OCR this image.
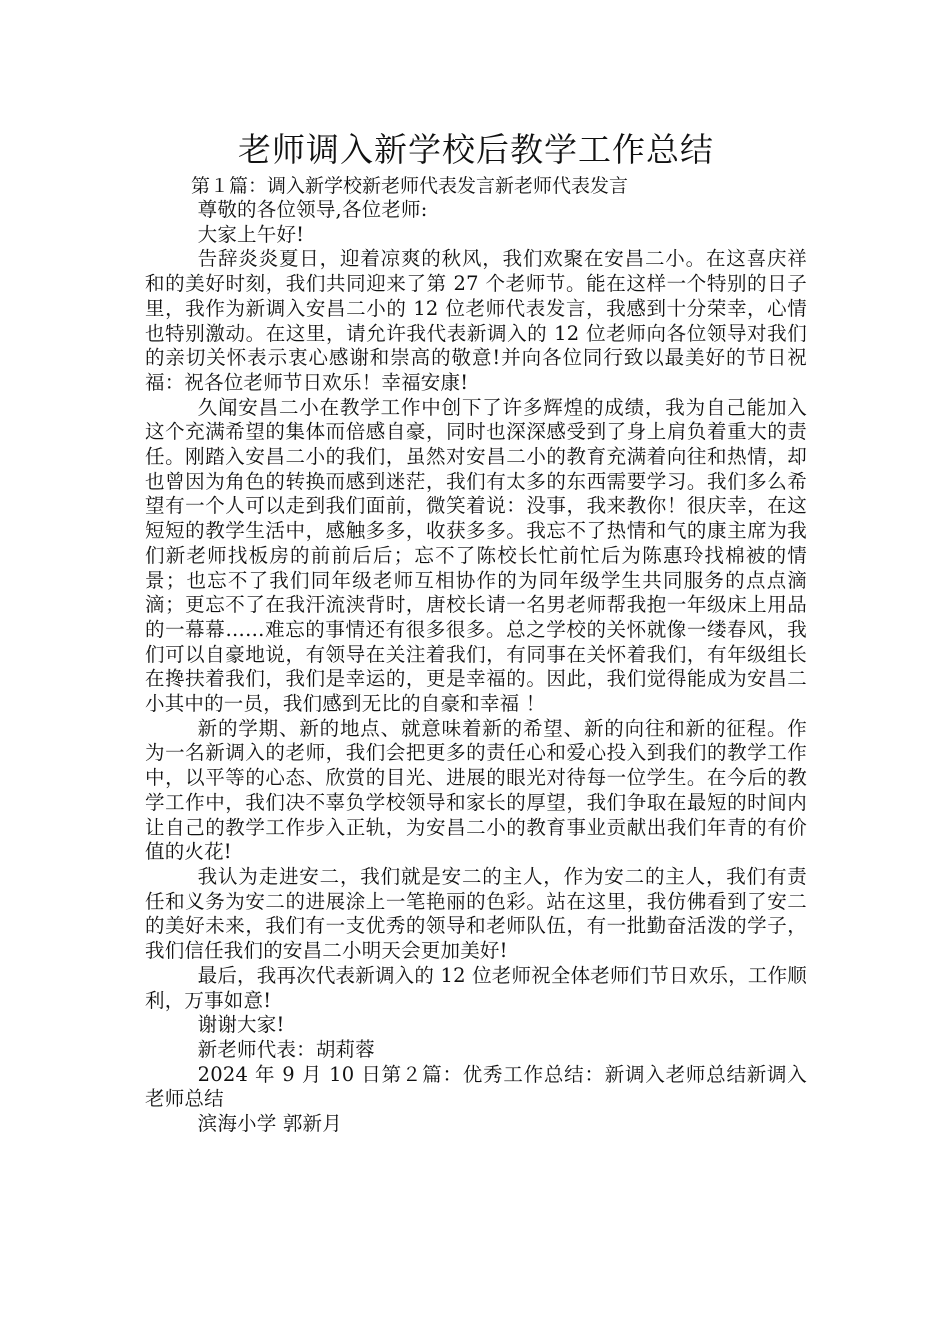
老师调入新学校后教学工作总结
第１篇：调入新学校新老师代表发言新老师代表发言

尊敬的各位领导,各位老师:

大家上午好!

告辞炎炎夏日，迎着凉爽的秋风，我们欢聚在安昌二小。在这喜庆祥和的美好时刻，我们共同迎来了第 27 个老师节。能在这样一个特别的日子里，我作为新调入安昌二小的 12 位老师代表发言，我感到十分荣幸，心情也特别激动。在这里，请允许我代表新调入的 12 位老师向各位领导对我们的亲切关怀表示衷心感谢和崇高的敬意!并向各位同行致以最美好的节日祝福：祝各位老师节日欢乐！幸福安康!

久闻安昌二小在教学工作中创下了许多辉煌的成绩，我为自己能加入这个充满希望的集体而倍感自豪，同时也深深感受到了身上肩负着重大的责任。刚踏入安昌二小的我们，虽然对安昌二小的教育充满着向往和热情，却也曾因为角色的转换而感到迷茫，我们有太多的东西需要学习。我们多么希望有一个人可以走到我们面前，微笑着说：没事，我来教你！很庆幸，在这短短的教学生活中，感触多多，收获多多。我忘不了热情和气的康主席为我们新老师找板房的前前后后；忘不了陈校长忙前忙后为陈惠玲找棉被的情景；也忘不了我们同年级老师互相协作的为同年级学生共同服务的点点滴滴；更忘不了在我汗流浃背时，唐校长请一名男老师帮我抱一年级床上用品的一幕幕……难忘的事情还有很多很多。总之学校的关怀就像一缕春风，我们可以自豪地说，有领导在关注着我们，有同事在关怀着我们，有年级组长在搀扶着我们，我们是幸运的，更是幸福的。因此，我们觉得能成为安昌二小其中的一员，我们感到无比的自豪和幸福 ！

新的学期、新的地点、就意味着新的希望、新的向往和新的征程。作为一名新调入的老师，我们会把更多的责任心和爱心投入到我们的教学工作中，以平等的心态、欣赏的目光、进展的眼光对待每一位学生。在今后的教学工作中，我们决不辜负学校领导和家长的厚望，我们争取在最短的时间内让自己的教学工作步入正轨，为安昌二小的教育事业贡献出我们年青的有价值的火花!

我认为走进安二，我们就是安二的主人，作为安二的主人，我们有责任和义务为安二的进展涂上一笔艳丽的色彩。站在这里，我仿佛看到了安二的美好未来，我们有一支优秀的领导和老师队伍，有一批勤奋活泼的学子，我们信任我们的安昌二小明天会更加美好!

最后，我再次代表新调入的 12 位老师祝全体老师们节日欢乐，工作顺利，万事如意!

谢谢大家!

新老师代表：胡莉蓉

2024 年 9 月 10 日第２篇：优秀工作总结：新调入老师总结新调入老师总结

滨海小学 郭新月
